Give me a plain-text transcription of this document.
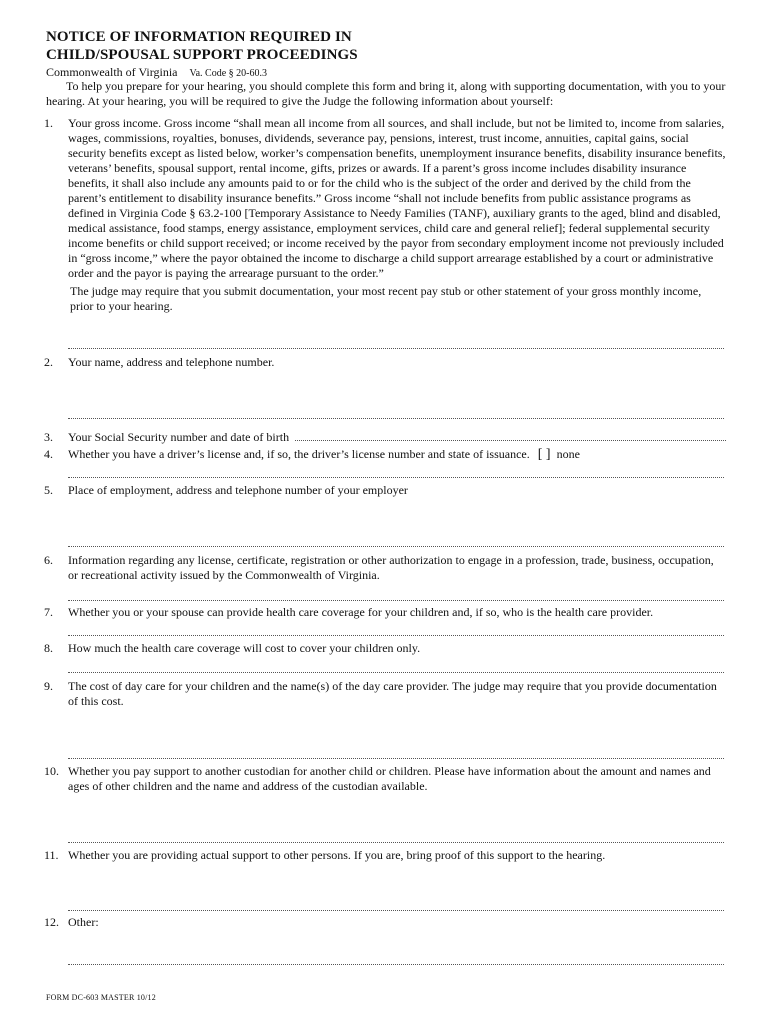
NOTICE OF INFORMATION REQUIRED IN
CHILD/SPOUSAL SUPPORT PROCEEDINGS
Commonwealth of Virginia Va. Code § 20-60.3
To help you prepare for your hearing, you should complete this form and bring it, along with supporting documentation, with you to your hearing. At your hearing, you will be required to give the Judge the following information about yourself:
1. Your gross income. Gross income “shall mean all income from all sources, and shall include, but not be limited to, income from salaries, wages, commissions, royalties, bonuses, dividends, severance pay, pensions, interest, trust income, annuities, capital gains, social security benefits except as listed below, worker’s compensation benefits, unemployment insurance benefits, disability insurance benefits, veterans’ benefits, spousal support, rental income, gifts, prizes or awards. If a parent’s gross income includes disability insurance benefits, it shall also include any amounts paid to or for the child who is the subject of the order and derived by the child from the parent’s entitlement to disability insurance benefits.” Gross income “shall not include benefits from public assistance programs as defined in Virginia Code § 63.2-100 [Temporary Assistance to Needy Families (TANF), auxiliary grants to the aged, blind and disabled, medical assistance, food stamps, energy assistance, employment services, child care and general relief]; federal supplemental security income benefits or child support received; or income received by the payor from secondary employment income not previously included in “gross income,” where the payor obtained the income to discharge a child support arrearage established by a court or administrative order and the payor is paying the arrearage pursuant to the order.”
The judge may require that you submit documentation, your most recent pay stub or other statement of your gross monthly income, prior to your hearing.
2. Your name, address and telephone number.
3. Your Social Security number and date of birth
4. Whether you have a driver’s license and, if so, the driver’s license number and state of issuance. [ ] none
5. Place of employment, address and telephone number of your employer
6. Information regarding any license, certificate, registration or other authorization to engage in a profession, trade, business, occupation, or recreational activity issued by the Commonwealth of Virginia.
7. Whether you or your spouse can provide health care coverage for your children and, if so, who is the health care provider.
8. How much the health care coverage will cost to cover your children only.
9. The cost of day care for your children and the name(s) of the day care provider. The judge may require that you provide documentation of this cost.
10. Whether you pay support to another custodian for another child or children. Please have information about the amount and names and ages of other children and the name and address of the custodian available.
11. Whether you are providing actual support to other persons. If you are, bring proof of this support to the hearing.
12. Other:
FORM DC-603 MASTER 10/12
